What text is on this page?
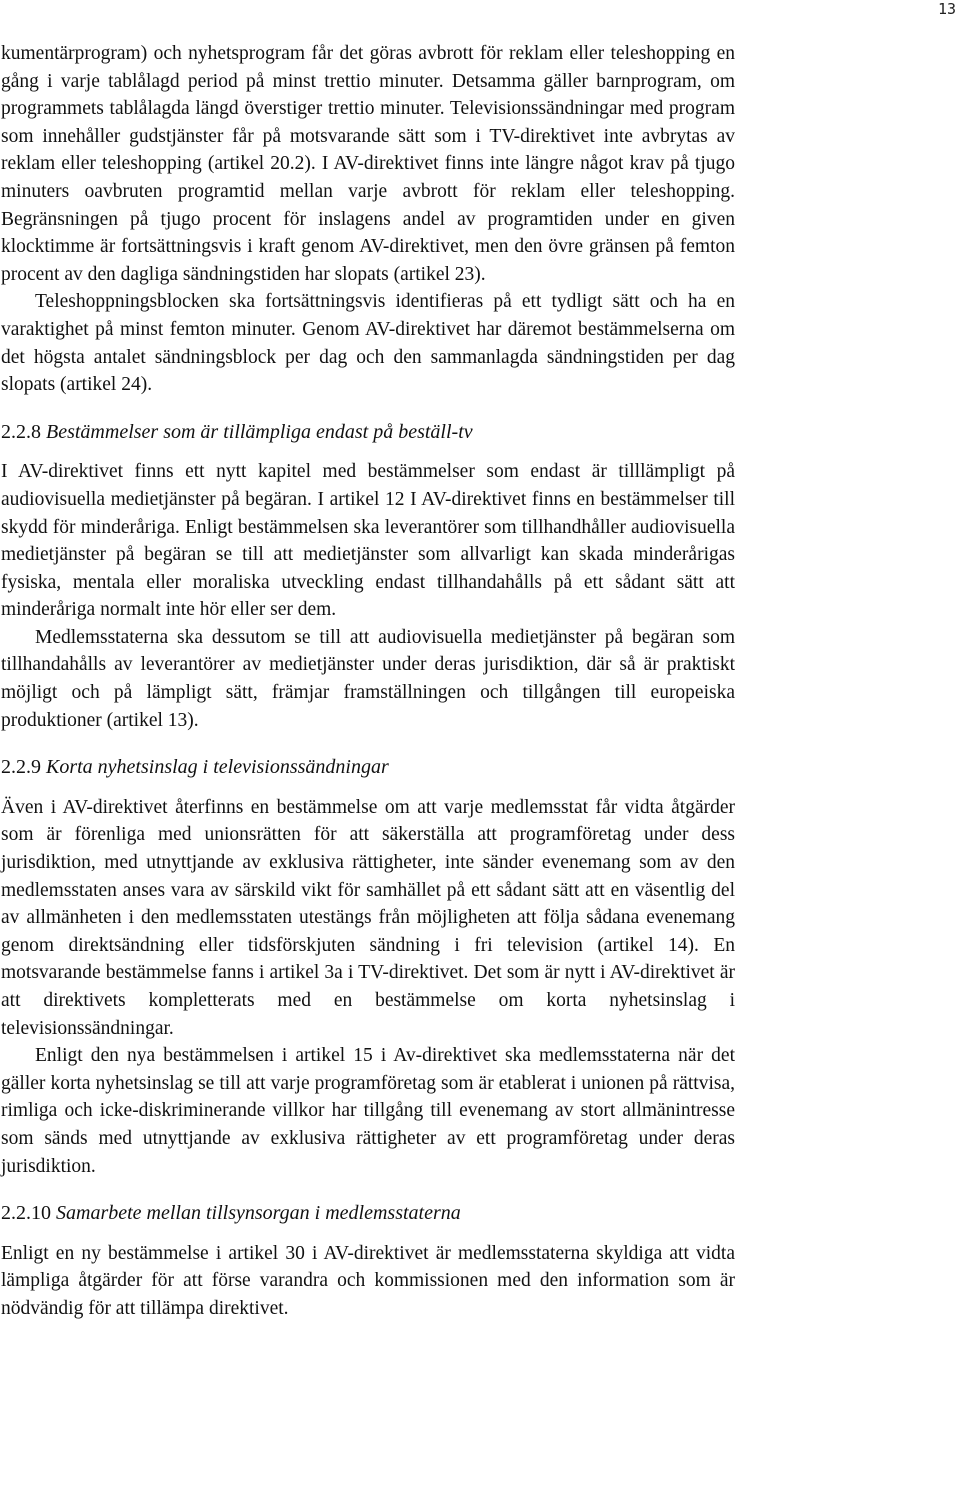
13

kumentärprogram) och nyhetsprogram får det göras avbrott för reklam eller teleshopping en gång i varje tablålagd period på minst trettio minuter. Detsamma gäller barnprogram, om programmets tablålagda längd överstiger trettio minuter. Televisionssändningar med program som innehåller gudstjänster får på motsvarande sätt som i TV-direktivet inte avbrytas av reklam eller teleshopping (artikel 20.2). I AV-direktivet finns inte längre något krav på tjugo minuters oavbruten programtid mellan varje avbrott för reklam eller teleshopping. Begränsningen på tjugo procent för inslagens andel av programtiden under en given klocktimme är fortsättningsvis i kraft genom AV-direktivet, men den övre gränsen på femton procent av den dagliga sändningstiden har slopats (artikel 23).

Teleshoppningsblocken ska fortsättningsvis identifieras på ett tydligt sätt och ha en varaktighet på minst femton minuter. Genom AV-direktivet har däremot bestämmelserna om det högsta antalet sändningsblock per dag och den sammanlagda sändningstiden per dag slopats (artikel 24).

2.2.8 Bestämmelser som är tillämpliga endast på beställ-tv

I AV-direktivet finns ett nytt kapitel med bestämmelser som endast är tilllämpligt på audiovisuella medietjänster på begäran. I artikel 12 I AV-direktivet finns en bestämmelser till skydd för minderåriga. Enligt bestämmelsen ska leverantörer som tillhandhåller audiovisuella medietjänster på begäran se till att medietjänster som allvarligt kan skada minderårigas fysiska, mentala eller moraliska utveckling endast tillhandahålls på ett sådant sätt att minderåriga normalt inte hör eller ser dem.

Medlemsstaterna ska dessutom se till att audiovisuella medietjänster på begäran som tillhandahålls av leverantörer av medietjänster under deras jurisdiktion, där så är praktiskt möjligt och på lämpligt sätt, främjar framställningen och tillgången till europeiska produktioner (artikel 13).

2.2.9 Korta nyhetsinslag i televisionssändningar

Även i AV-direktivet återfinns en bestämmelse om att varje medlemsstat får vidta åtgärder som är förenliga med unionsrätten för att säkerställa att programföretag under dess jurisdiktion, med utnyttjande av exklusiva rättigheter, inte sänder evenemang som av den medlemsstaten anses vara av särskild vikt för samhället på ett sådant sätt att en väsentlig del av allmänheten i den medlemsstaten utestängs från möjligheten att följa sådana evenemang genom direktsändning eller tidsförskjuten sändning i fri television (artikel 14). En motsvarande bestämmelse fanns i artikel 3a i TV-direktivet. Det som är nytt i AV-direktivet är att direktivets kompletterats med en bestämmelse om korta nyhetsinslag i televisionssändningar.

Enligt den nya bestämmelsen i artikel 15 i Av-direktivet ska medlemsstaterna när det gäller korta nyhetsinslag se till att varje programföretag som är etablerat i unionen på rättvisa, rimliga och icke-diskriminerande villkor har tillgång till evenemang av stort allmänintresse som sänds med utnyttjande av exklusiva rättigheter av ett programföretag under deras jurisdiktion.

2.2.10 Samarbete mellan tillsynsorgan i medlemsstaterna

Enligt en ny bestämmelse i artikel 30 i AV-direktivet är medlemsstaterna skyldiga att vidta lämpliga åtgärder för att förse varandra och kommissionen med den information som är nödvändig för att tillämpa direktivet.
